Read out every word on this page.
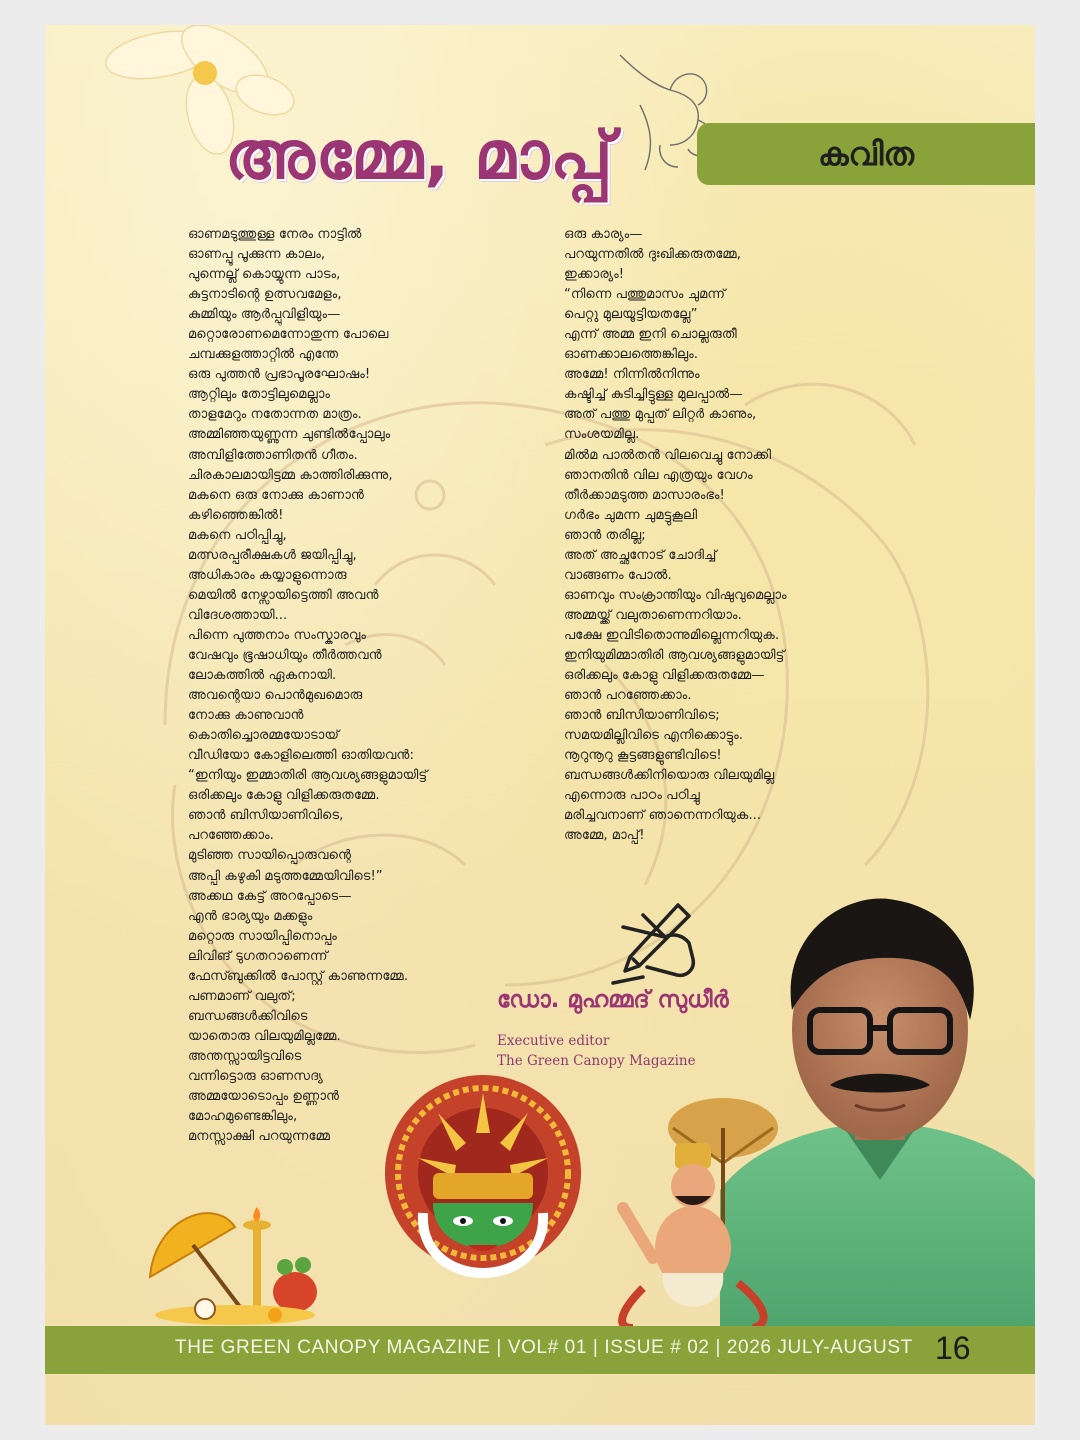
അമ്മേ, മാപ്പ്	കവിത
ഓണമടുത്തുള്ള നേരം നാട്ടിൽ
ഓണപ്പൂ പൂക്കുന്ന കാലം,
പുന്നെല്ല് കൊയ്യുന്ന പാടം,
കുട്ടനാടിന്റെ ഉത്സവമേളം,
കുമ്മിയും ആർപ്പുവിളിയും—
മറ്റൊരോണമെന്നോതുന്ന പോലെ
ചമ്പക്കുളത്താറ്റിൽ എന്തേ
ഒരു പുത്തൻ പ്രഭാപൂരഘോഷം!
ആറ്റിലും തോട്ടിലുമെല്ലാം
താളമേറും നതോന്നത മാത്രം.
അമ്മിഞ്ഞയുണ്ണുന്ന ചുണ്ടിൽപ്പോലും
അമ്പിളിത്തോണിതൻ ഗീതം.
ചിരകാലമായിട്ടമ്മ കാത്തിരിക്കുന്നു,
മകനെ ഒരു നോക്കു കാണാൻ
കഴിഞ്ഞെങ്കിൽ!
മകനെ പഠിപ്പിച്ചു,
മത്സരപ്പരീക്ഷകൾ ജയിപ്പിച്ചു,
അധികാരം കയ്യാളുന്നൊരു
മെയിൽ നേഴ്സായിട്ടെത്തി അവൻ
വിദേശത്തായി...
പിന്നെ പുത്തനാം സംസ്കാരവും
വേഷവും ഭൂഷാധിയും തീർത്തവൻ
ലോകത്തിൽ ഏകനായി.
അവന്റെയാ പൊൻമുഖമൊരു
നോക്കു കാണുവാൻ
കൊതിച്ചൊരമ്മയോടായ്
വീഡിയോ കോളിലെത്തി ഓതിയവൻ:
“ഇനിയും ഇമ്മാതിരി ആവശ്യങ്ങളുമായിട്ട്
ഒരിക്കലും കോളു വിളിക്കരുതമ്മേ.
ഞാൻ ബിസിയാണിവിടെ,
പറഞ്ഞേക്കാം.
മുടിഞ്ഞ സായിപ്പൊരുവന്റെ
അപ്പി കഴുകി മടുത്തമ്മേയിവിടെ!”
അക്കഥ കേട്ട് അറപ്പോടെ—
എൻ ഭാര്യയും മക്കളും
മറ്റൊരു സായിപ്പിനൊപ്പം
ലിവിങ് ടുഗതറാണെന്ന്
ഫേസ്ബുക്കിൽ പോസ്റ്റ് കാണുന്നമ്മേ.
പണമാണ് വലുത്;
ബന്ധങ്ങൾക്കിവിടെ
യാതൊരു വിലയുമില്ലമ്മേ.
അന്തസ്സായിട്ടവിടെ
വന്നിട്ടൊരു ഓണസദ്യ
അമ്മയോടൊപ്പം ഉണ്ണാൻ
മോഹമുണ്ടെങ്കിലും,
മനസ്സാക്ഷി പറയുന്നമ്മേ
ഒരു കാര്യം—
പറയുന്നതിൽ ദുഃഖിക്കരുതമ്മേ,
ഇക്കാര്യം!
“നിന്നെ പത്തുമാസം ചുമന്ന്
പെറ്റു മുലയൂട്ടിയതല്ലേ”
എന്ന് അമ്മ ഇനി ചൊല്ലരുതീ
ഓണക്കാലത്തെങ്കിലും.
അമ്മേ! നിന്നിൽനിന്നും
കഷ്ടിച്ച് കുടിച്ചിട്ടുള്ള മുലപ്പാൽ—
അത് പത്തു മുപ്പത് ലിറ്റർ കാണും,
സംശയമില്ല.
മിൽമ പാൽതൻ വിലവെച്ചു നോക്കി
ഞാനതിൻ വില എത്രയും വേഗം
തീർക്കാമടുത്ത മാസാരംഭം!
ഗർഭം ചുമന്ന ചുമട്ടുകൂലി
ഞാൻ തരില്ല;
അത് അച്ഛനോട് ചോദിച്ച്
വാങ്ങണം പോൽ.
ഓണവും സംക്രാന്തിയും വിഷുവുമെല്ലാം
അമ്മയ്ക്ക് വലുതാണെന്നറിയാം.
പക്ഷേ ഇവിടിതൊന്നുമില്ലെന്നറിയുക.
ഇനിയുമിമ്മാതിരി ആവശ്യങ്ങളുമായിട്ട്
ഒരിക്കലും കോളു വിളിക്കരുതമ്മേ—
ഞാൻ പറഞ്ഞേക്കാം.
ഞാൻ ബിസിയാണിവിടെ;
സമയമില്ലിവിടെ എനിക്കൊട്ടും.
നൂറുനൂറു കൂട്ടങ്ങളുണ്ടിവിടെ!
ബന്ധങ്ങൾക്കിനിയൊരു വിലയുമില്ല
എന്നൊരു പാഠം പഠിച്ചു
മരിച്ചവനാണ് ഞാനെന്നറിയുക...
അമ്മേ, മാപ്പ്!
ഡോ. മുഹമ്മദ് സുധീർ
Executive editor
The Green Canopy Magazine
THE GREEN CANOPY MAGAZINE | VOL# 01 | ISSUE # 02 | 2026 JULY-AUGUST 16
